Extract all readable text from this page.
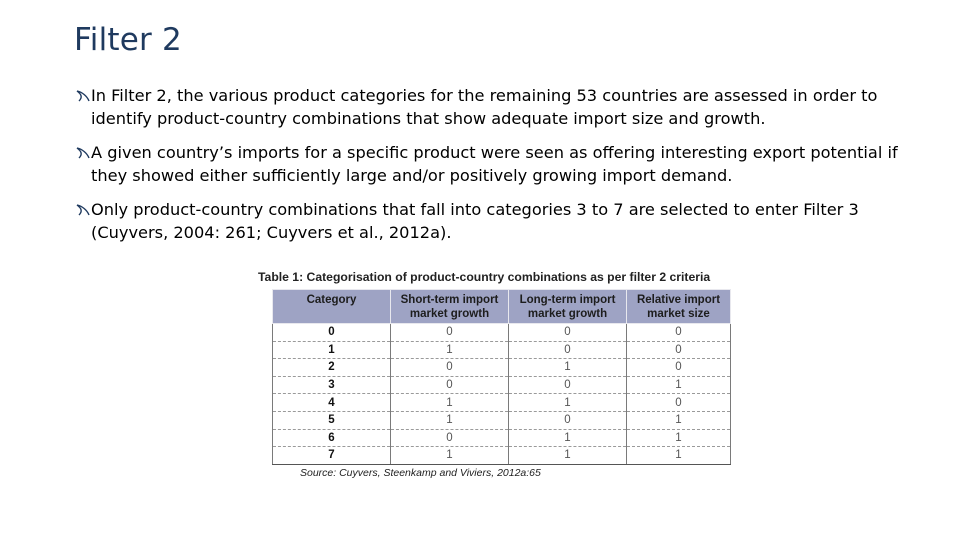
Filter 2
In Filter 2, the various product categories for the remaining 53 countries are assessed in order to identify product-country combinations that show adequate import size and growth.
A given country’s imports for a specific product were seen as offering interesting export potential if they showed either sufficiently large and/or positively growing import demand.
Only product-country combinations that fall into categories 3 to 7 are selected to enter Filter 3 (Cuyvers, 2004: 261; Cuyvers et al., 2012a).

Table 1: Categorisation of product-country combinations as per filter 2 criteria

Category	Short-term import market growth	Long-term import market growth	Relative import market size
0	0	0	0
1	1	0	0
2	0	1	0
3	0	0	1
4	1	1	0
5	1	0	1
6	0	1	1
7	1	1	1

Source: Cuyvers, Steenkamp and Viviers, 2012a:65
